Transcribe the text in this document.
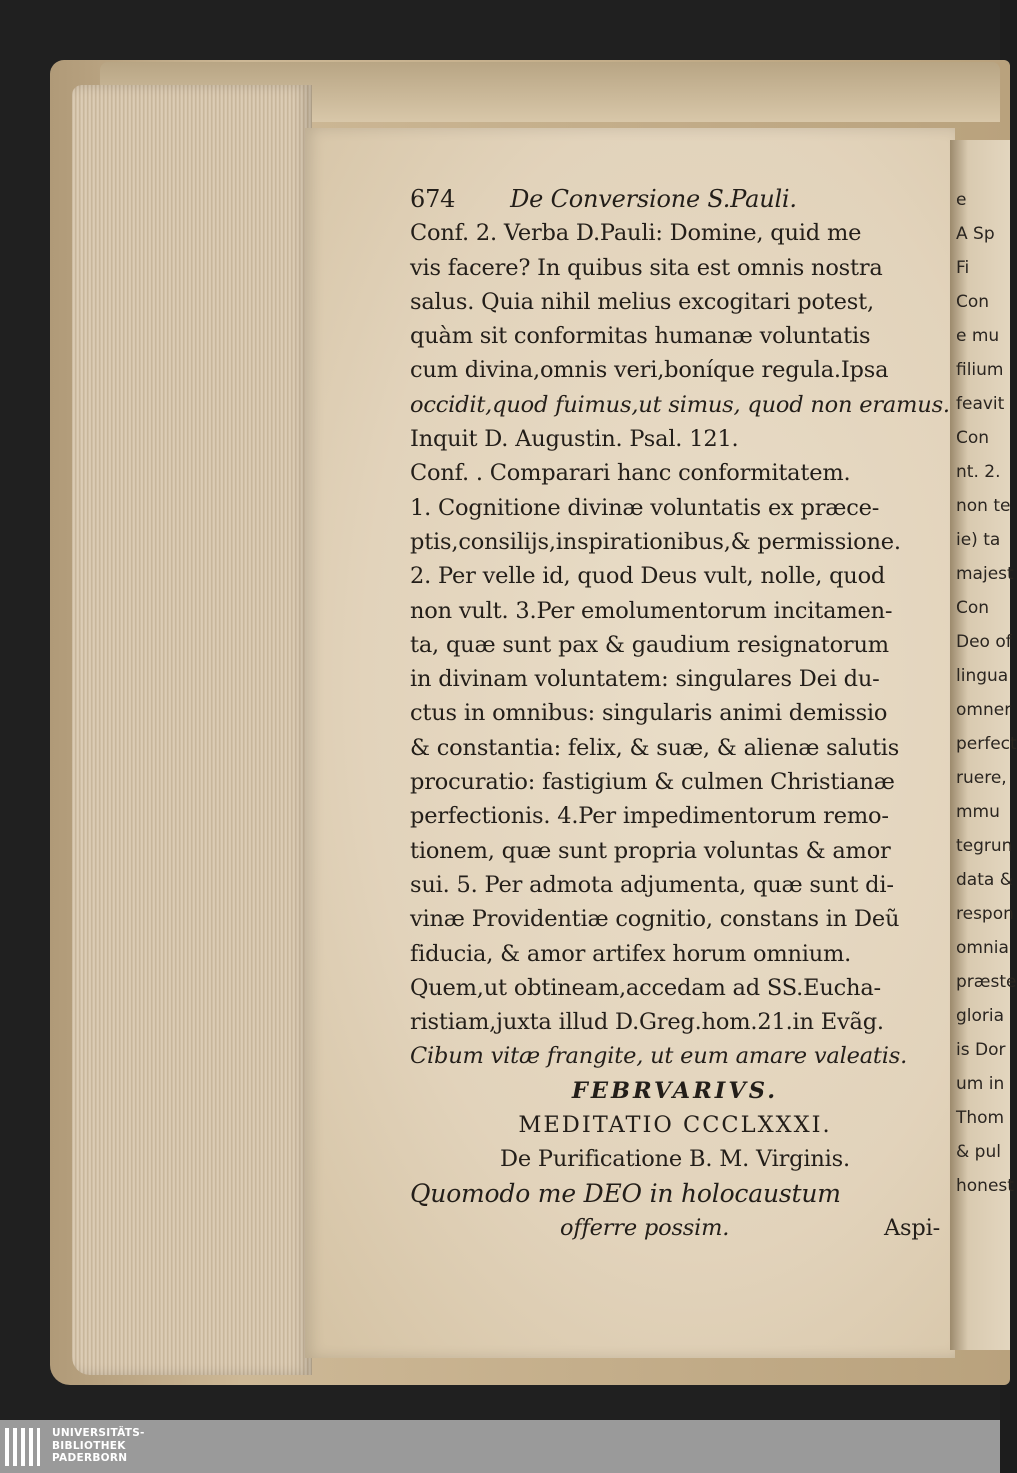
e
A Sp
Fi
Con
e mu
filium
feavit
Con
nt. 2.
non te
ie) ta
majest
Con
Deo of
lingua
omner
perfect
ruere,
mmu
tegrun
data &
respon
omnia
præste
gloria
is Dor
um in
Thom
& pul
honest
674 De Conversione S.Pauli.
Conf. 2. Verba D.Pauli: Domine, quid me
vis facere? In quibus sita est omnis nostra
salus. Quia nihil melius excogitari potest,
quàm sit conformitas humanæ voluntatis
cum divina,omnis veri,boníque regula.Ipsa
occidit,quod fuimus,ut simus, quod non eramus.
Inquit D. Augustin. Psal. 121.
Conf. . Comparari hanc conformitatem.
1. Cognitione divinæ voluntatis ex præce-
ptis,consilijs,inspirationibus,& permissione.
2. Per velle id, quod Deus vult, nolle, quod
non vult. 3.Per emolumentorum incitamen-
ta, quæ sunt pax & gaudium resignatorum
in divinam voluntatem: singulares Dei du-
ctus in omnibus: singularis animi demissio
& constantia: felix, & suæ, & alienæ salutis
procuratio: fastigium & culmen Christianæ
perfectionis. 4.Per impedimentorum remo-
tionem, quæ sunt propria voluntas & amor
sui. 5. Per admota adjumenta, quæ sunt di-
vinæ Providentiæ cognitio, constans in Deũ
fiducia, & amor artifex horum omnium.
Quem,ut obtineam,accedam ad SS.Eucha-
ristiam,juxta illud D.Greg.hom.21.in Evãg.
Cibum vitæ frangite, ut eum amare valeatis.
FEBRVARIVS.
MEDITATIO CCCLXXXI.
De Purificatione B. M. Virginis.
Quomodo me DEO in holocaustum
offerre possim.	Aspi-
UNIVERSITÄTS-
BIBLIOTHEK
PADERBORN
